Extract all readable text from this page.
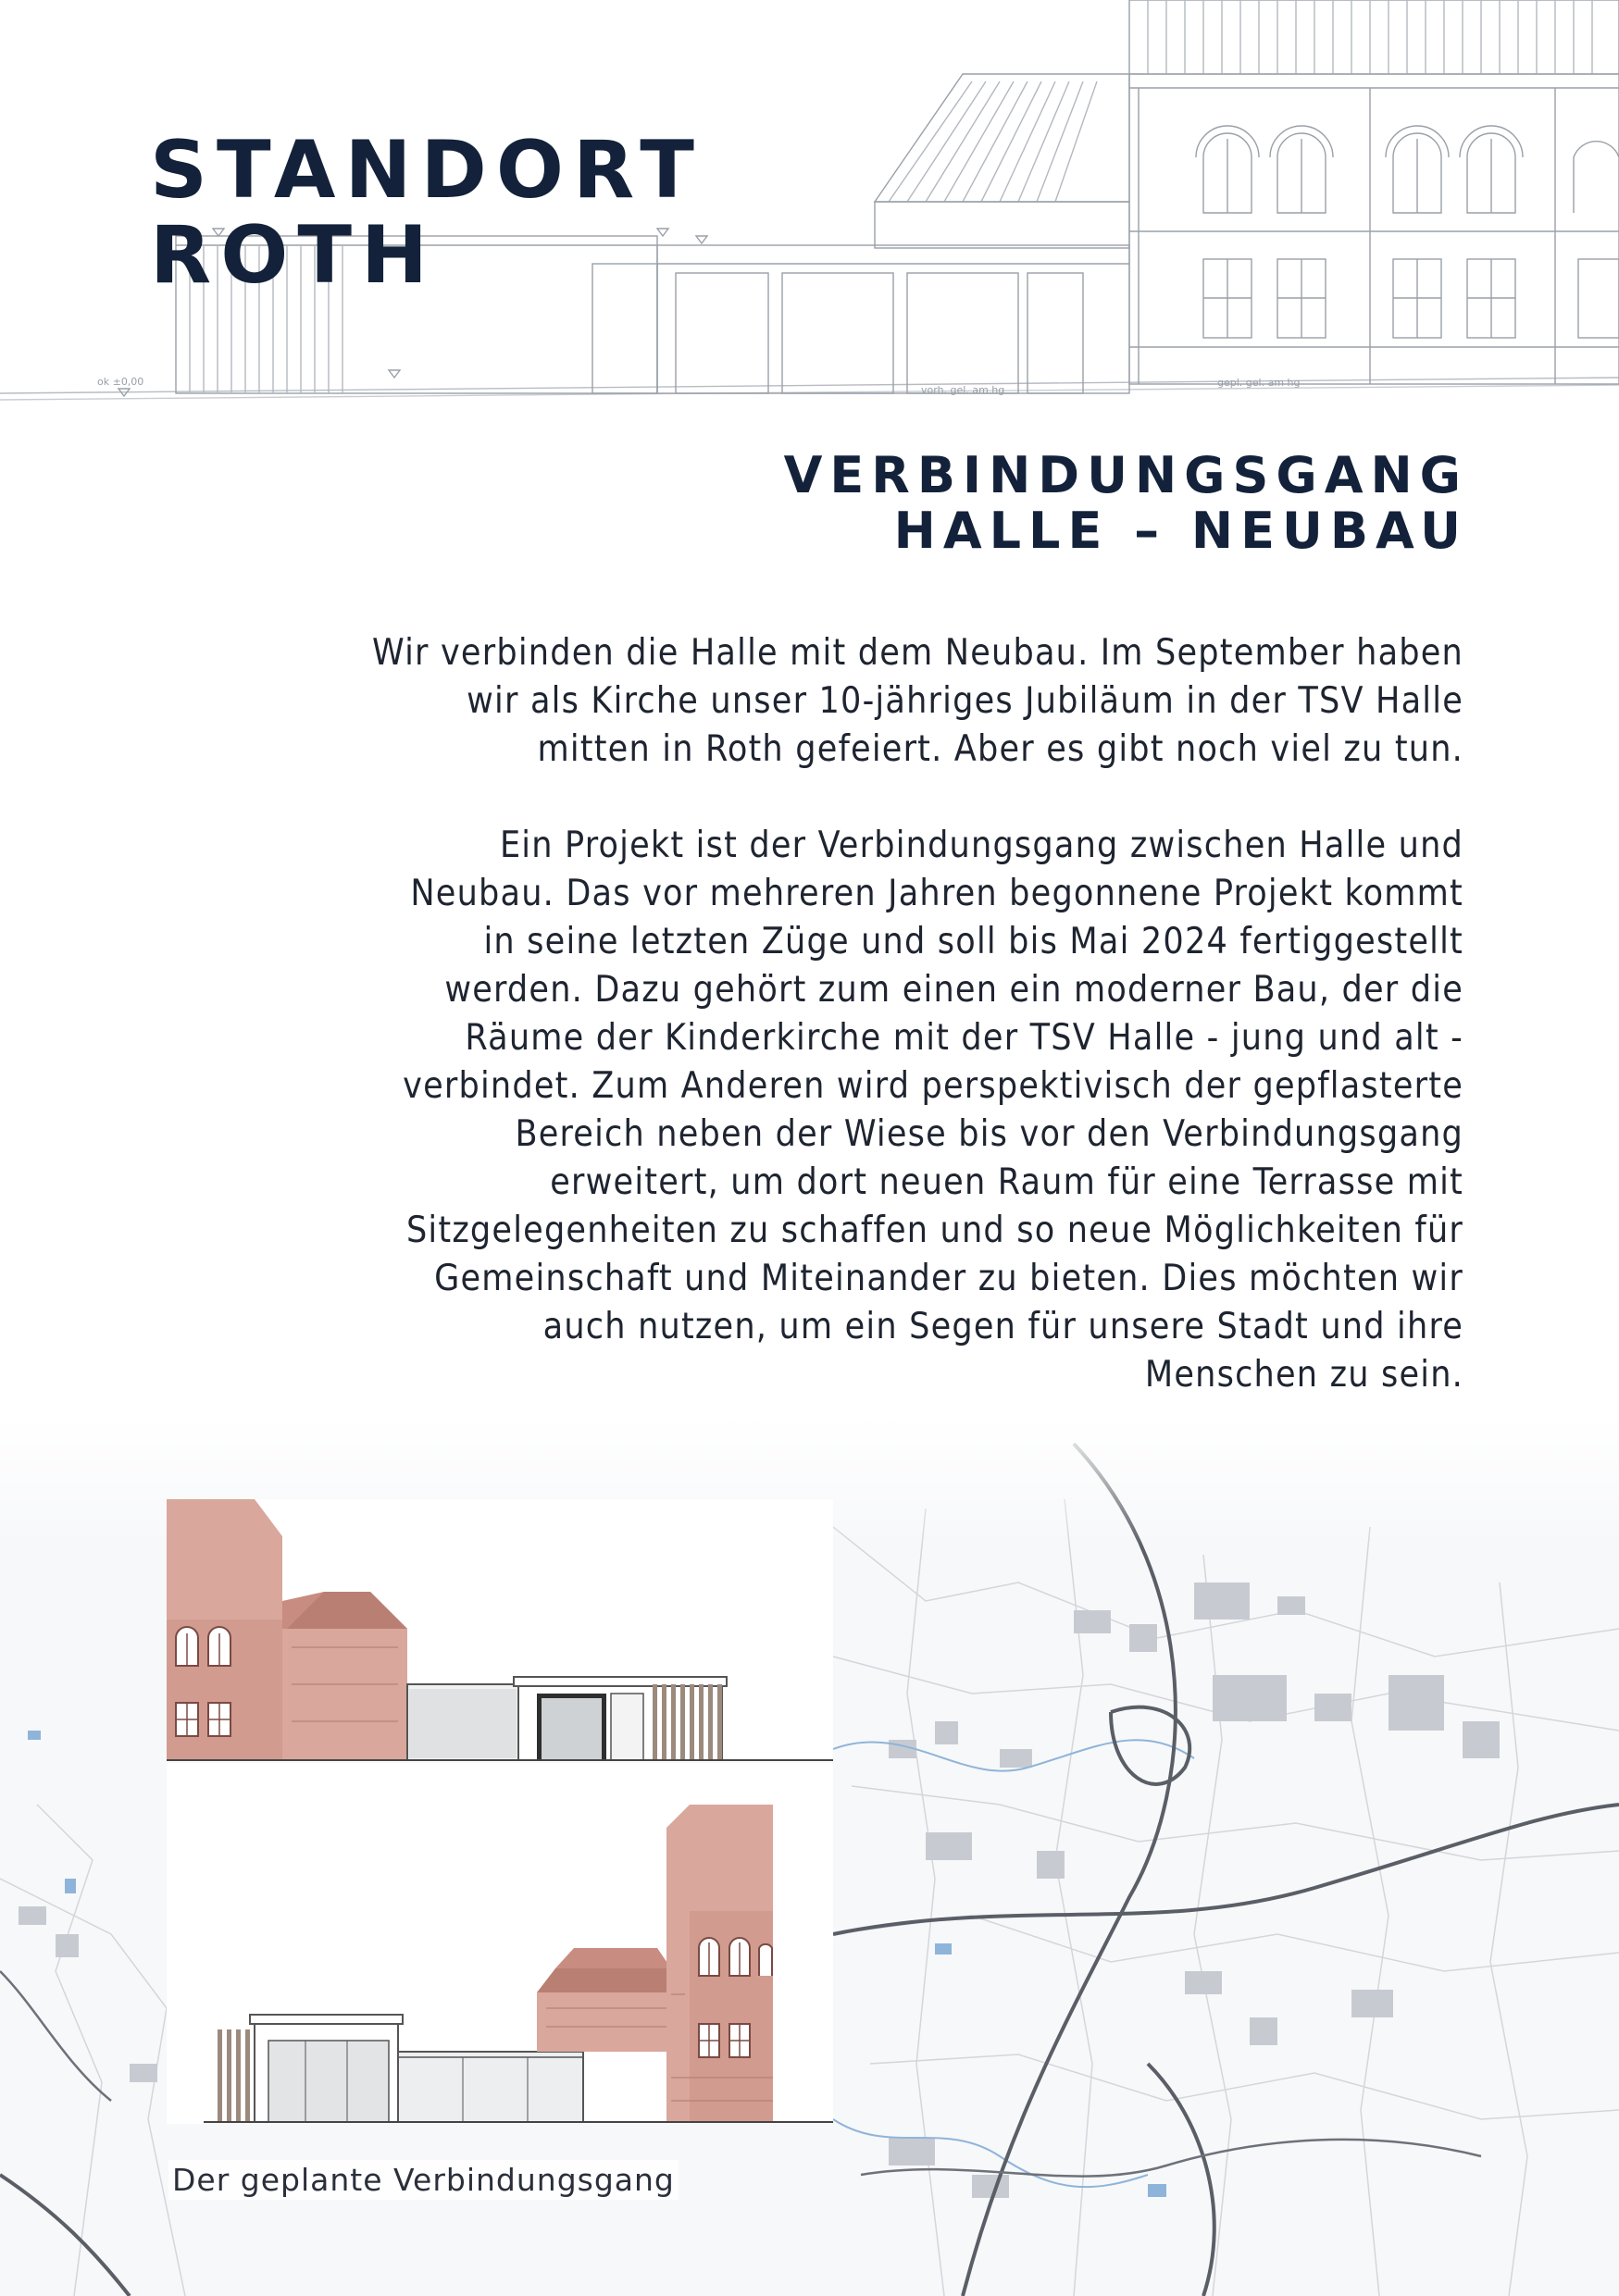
ok ±0,00
vorh. gel. am hg
gepl. gel. am hg
STANDORT
ROTH
VERBINDUNGSGANG
HALLE – NEUBAU

Wir verbinden die Halle mit dem Neubau. Im September haben
wir als Kirche unser 10-jähriges Jubiläum in der TSV Halle
mitten in Roth gefeiert. Aber es gibt noch viel zu tun.

Ein Projekt ist der Verbindungsgang zwischen Halle und
Neubau. Das vor mehreren Jahren begonnene Projekt kommt
in seine letzten Züge und soll bis Mai 2024 fertiggestellt
werden. Dazu gehört zum einen ein moderner Bau, der die
Räume der Kinderkirche mit der TSV Halle - jung und alt -
verbindet. Zum Anderen wird perspektivisch der gepflasterte
Bereich neben der Wiese bis vor den Verbindungsgang
erweitert, um dort neuen Raum für eine Terrasse mit
Sitzgelegenheiten zu schaffen und so neue Möglichkeiten für
Gemeinschaft und Miteinander zu bieten. Dies möchten wir
auch nutzen, um ein Segen für unsere Stadt und ihre
Menschen zu sein.

Der geplante Verbindungsgang
